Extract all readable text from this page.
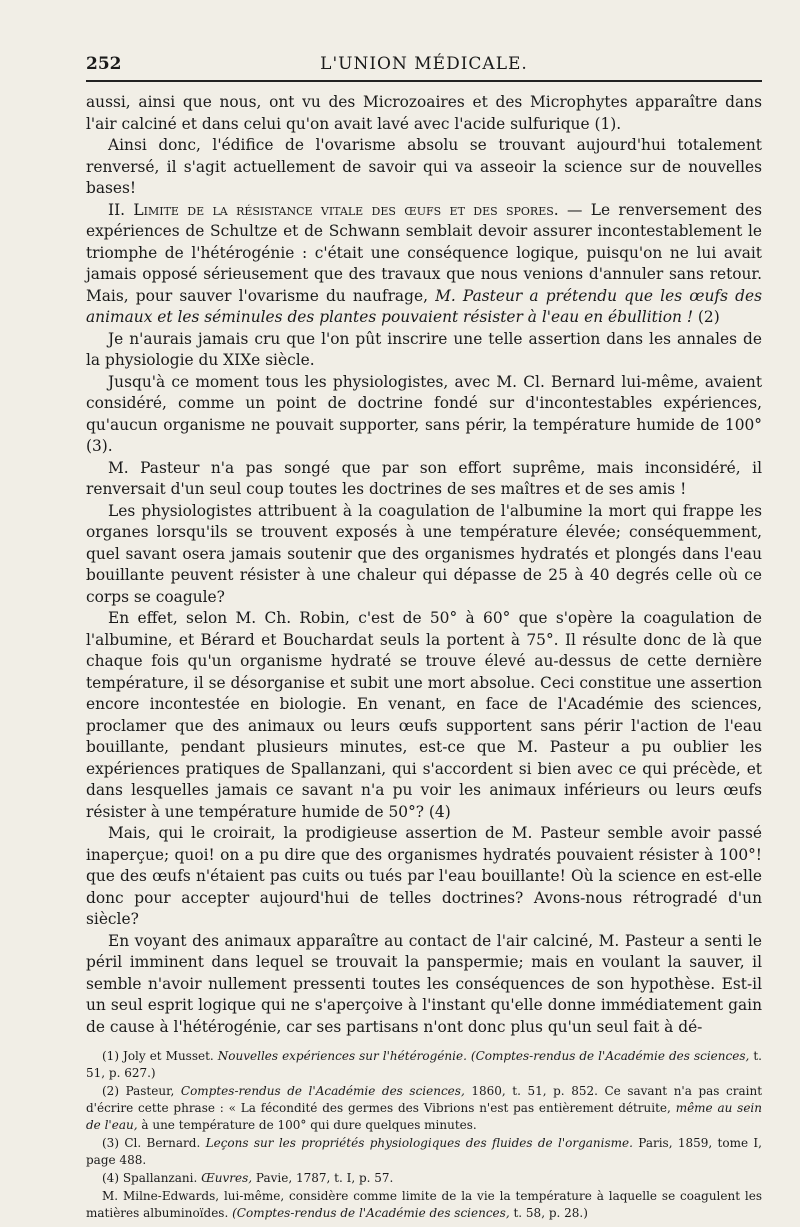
252	L'UNION MÉDICALE.

aussi, ainsi que nous, ont vu des Microzoaires et des Microphytes apparaître dans l'air calciné et dans celui qu'on avait lavé avec l'acide sulfurique (1).

Ainsi donc, l'édifice de l'ovarisme absolu se trouvant aujourd'hui totalement renversé, il s'agit actuellement de savoir qui va asseoir la science sur de nouvelles bases!

II. Limite de la résistance vitale des œufs et des spores. — Le renversement des expériences de Schultze et de Schwann semblait devoir assurer incontestablement le triomphe de l'hétérogénie : c'était une conséquence logique, puisqu'on ne lui avait jamais opposé sérieusement que des travaux que nous venions d'annuler sans retour. Mais, pour sauver l'ovarisme du naufrage, M. Pasteur a prétendu que les œufs des animaux et les séminules des plantes pouvaient résister à l'eau en ébullition ! (2)

Je n'aurais jamais cru que l'on pût inscrire une telle assertion dans les annales de la physiologie du XIXe siècle.

Jusqu'à ce moment tous les physiologistes, avec M. Cl. Bernard lui-même, avaient considéré, comme un point de doctrine fondé sur d'incontestables expériences, qu'aucun organisme ne pouvait supporter, sans périr, la température humide de 100° (3).

M. Pasteur n'a pas songé que par son effort suprême, mais inconsidéré, il renversait d'un seul coup toutes les doctrines de ses maîtres et de ses amis !

Les physiologistes attribuent à la coagulation de l'albumine la mort qui frappe les organes lorsqu'ils se trouvent exposés à une température élevée; conséquemment, quel savant osera jamais soutenir que des organismes hydratés et plongés dans l'eau bouillante peuvent résister à une chaleur qui dépasse de 25 à 40 degrés celle où ce corps se coagule?

En effet, selon M. Ch. Robin, c'est de 50° à 60° que s'opère la coagulation de l'albumine, et Bérard et Bouchardat seuls la portent à 75°. Il résulte donc de là que chaque fois qu'un organisme hydraté se trouve élevé au-dessus de cette dernière température, il se désorganise et subit une mort absolue. Ceci constitue une assertion encore incontestée en biologie. En venant, en face de l'Académie des sciences, proclamer que des animaux ou leurs œufs supportent sans périr l'action de l'eau bouillante, pendant plusieurs minutes, est-ce que M. Pasteur a pu oublier les expériences pratiques de Spallanzani, qui s'accordent si bien avec ce qui précède, et dans lesquelles jamais ce savant n'a pu voir les animaux inférieurs ou leurs œufs résister à une température humide de 50°? (4)

Mais, qui le croirait, la prodigieuse assertion de M. Pasteur semble avoir passé inaperçue; quoi! on a pu dire que des organismes hydratés pouvaient résister à 100°! que des œufs n'étaient pas cuits ou tués par l'eau bouillante! Où la science en est-elle donc pour accepter aujourd'hui de telles doctrines? Avons-nous rétrogradé d'un siècle?

En voyant des animaux apparaître au contact de l'air calciné, M. Pasteur a senti le péril imminent dans lequel se trouvait la panspermie; mais en voulant la sauver, il semble n'avoir nullement pressenti toutes les conséquences de son hypothèse. Est-il un seul esprit logique qui ne s'aperçoive à l'instant qu'elle donne immédiatement gain de cause à l'hétérogénie, car ses partisans n'ont donc plus qu'un seul fait à dé-

(1) Joly et Musset. Nouvelles expériences sur l'hétérogénie. (Comptes-rendus de l'Académie des sciences, t. 51, p. 627.)

(2) Pasteur, Comptes-rendus de l'Académie des sciences, 1860, t. 51, p. 852. Ce savant n'a pas craint d'écrire cette phrase : « La fécondité des germes des Vibrions n'est pas entièrement détruite, même au sein de l'eau, à une température de 100° qui dure quelques minutes.

(3) Cl. Bernard. Leçons sur les propriétés physiologiques des fluides de l'organisme. Paris, 1859, tome I, page 488.

(4) Spallanzani. Œuvres, Pavie, 1787, t. I, p. 57.

M. Milne-Edwards, lui-même, considère comme limite de la vie la température à laquelle se coagulent les matières albuminoïdes. (Comptes-rendus de l'Académie des sciences, t. 58, p. 28.)
